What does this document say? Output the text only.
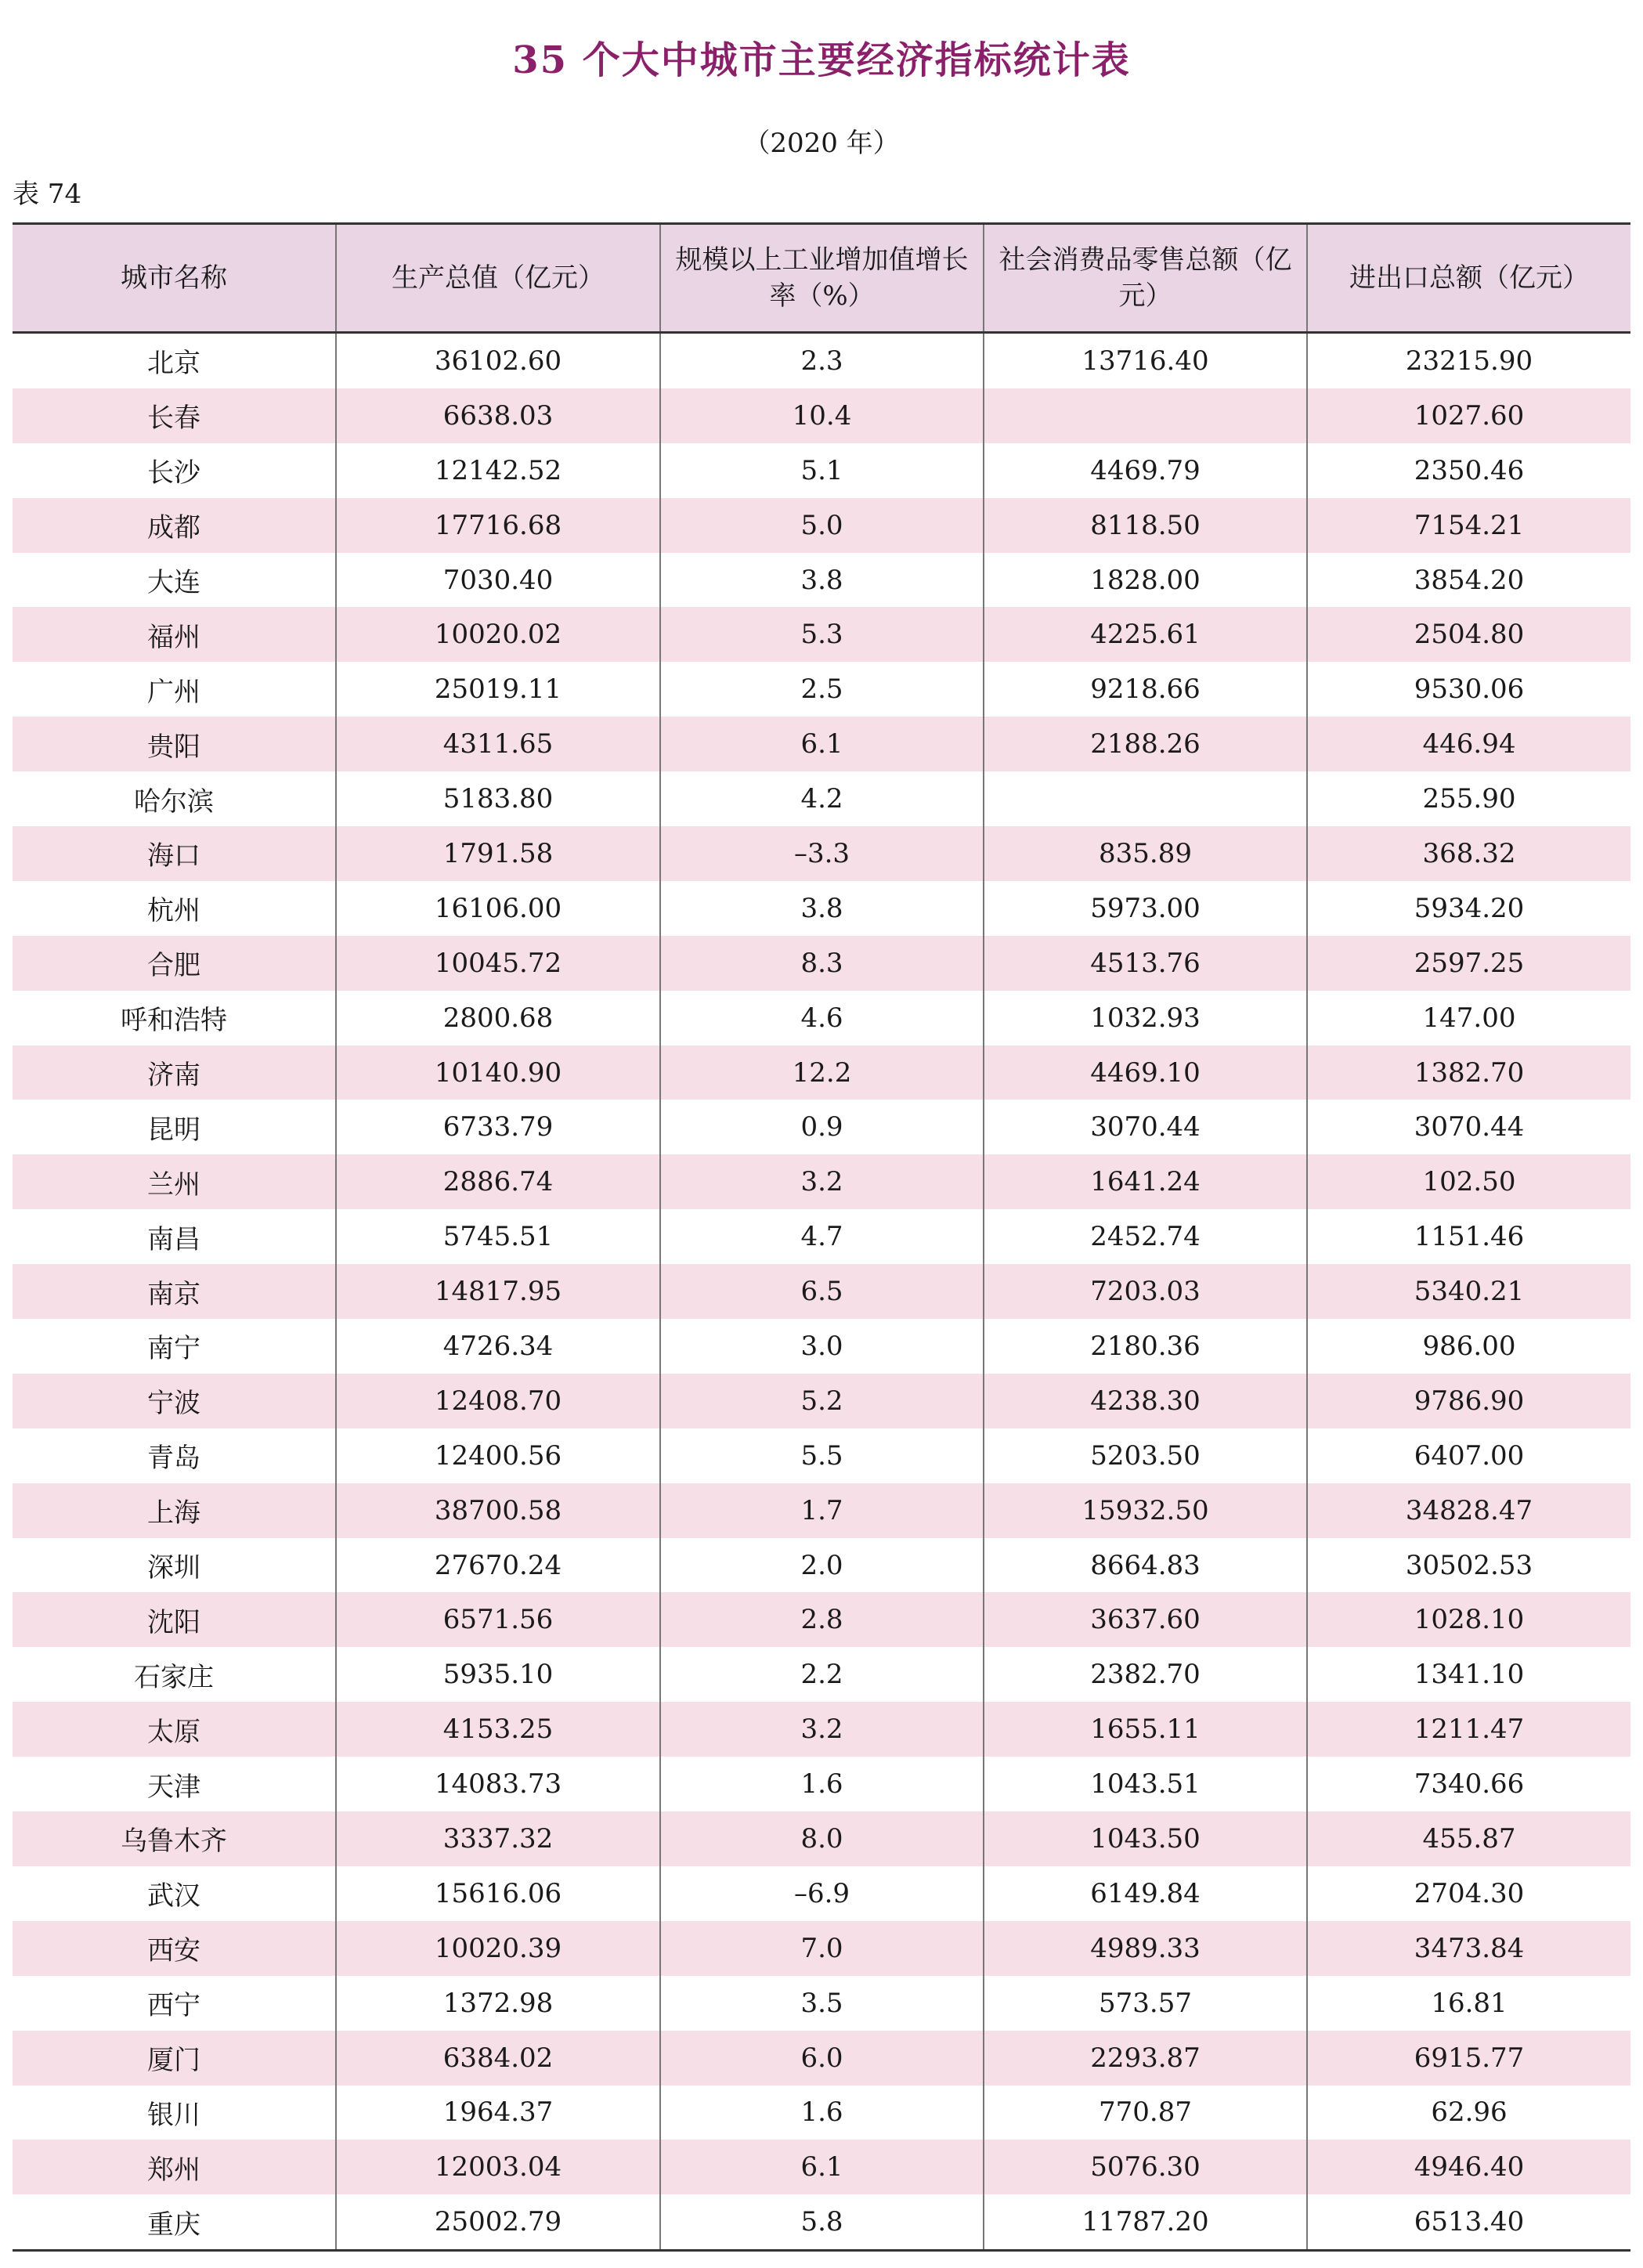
35 个大中城市主要经济指标统计表
（2020 年）
表 74
城市名称	生产总值（亿元）	规模以上工业增加值增长率（%）	社会消费品零售总额（亿元）	进出口总额（亿元）
北京	36102.60	2.3	13716.40	23215.90
长春	6638.03	10.4		1027.60
长沙	12142.52	5.1	4469.79	2350.46
成都	17716.68	5.0	8118.50	7154.21
大连	7030.40	3.8	1828.00	3854.20
福州	10020.02	5.3	4225.61	2504.80
广州	25019.11	2.5	9218.66	9530.06
贵阳	4311.65	6.1	2188.26	446.94
哈尔滨	5183.80	4.2		255.90
海口	1791.58	–3.3	835.89	368.32
杭州	16106.00	3.8	5973.00	5934.20
合肥	10045.72	8.3	4513.76	2597.25
呼和浩特	2800.68	4.6	1032.93	147.00
济南	10140.90	12.2	4469.10	1382.70
昆明	6733.79	0.9	3070.44	3070.44
兰州	2886.74	3.2	1641.24	102.50
南昌	5745.51	4.7	2452.74	1151.46
南京	14817.95	6.5	7203.03	5340.21
南宁	4726.34	3.0	2180.36	986.00
宁波	12408.70	5.2	4238.30	9786.90
青岛	12400.56	5.5	5203.50	6407.00
上海	38700.58	1.7	15932.50	34828.47
深圳	27670.24	2.0	8664.83	30502.53
沈阳	6571.56	2.8	3637.60	1028.10
石家庄	5935.10	2.2	2382.70	1341.10
太原	4153.25	3.2	1655.11	1211.47
天津	14083.73	1.6	1043.51	7340.66
乌鲁木齐	3337.32	8.0	1043.50	455.87
武汉	15616.06	–6.9	6149.84	2704.30
西安	10020.39	7.0	4989.33	3473.84
西宁	1372.98	3.5	573.57	16.81
厦门	6384.02	6.0	2293.87	6915.77
银川	1964.37	1.6	770.87	62.96
郑州	12003.04	6.1	5076.30	4946.40
重庆	25002.79	5.8	11787.20	6513.40
